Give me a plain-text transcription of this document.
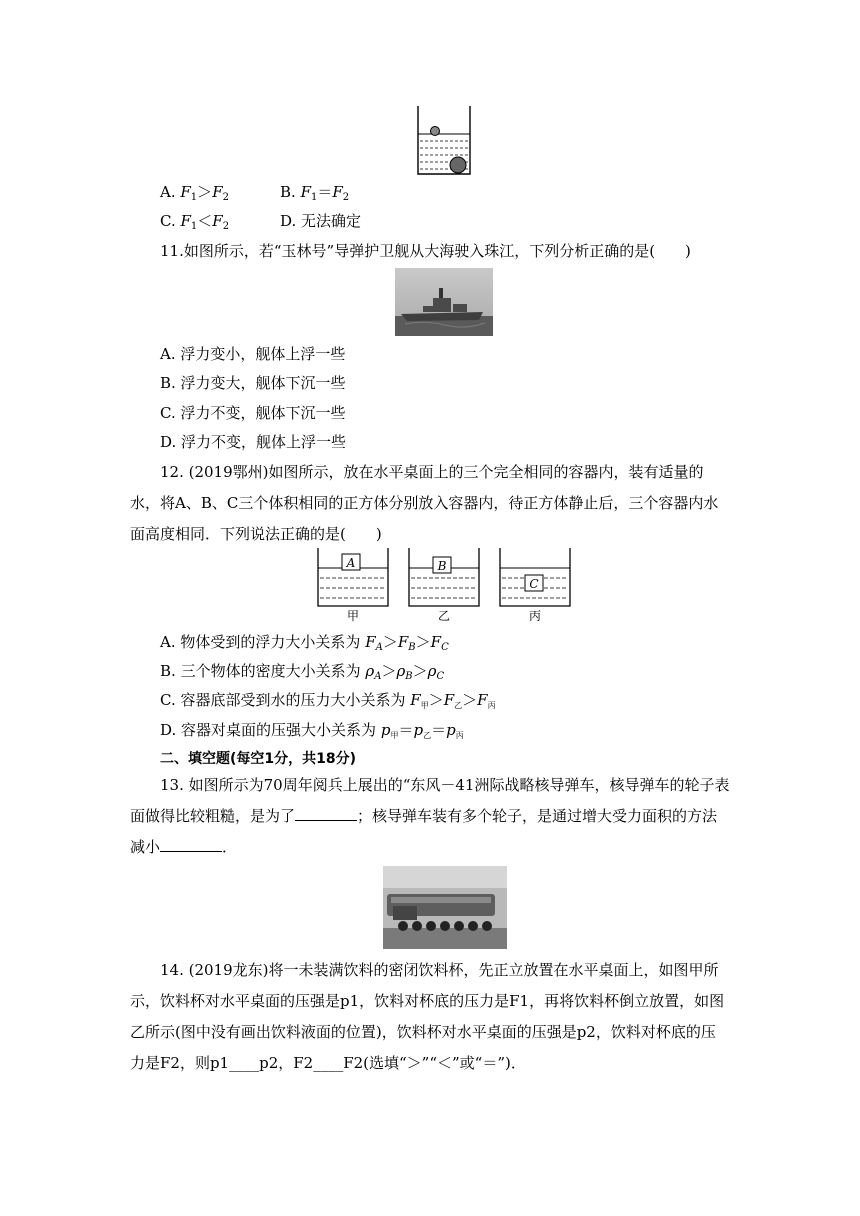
A. $F_1>F_2$	B. $F_1=F_2$
C. $F_1<F_2$	D. 无法确定
11.如图所示，若“玉林号”导弹护卫舰从大海驶入珠江，下列分析正确的是(　　)
A. 浮力变小，舰体上浮一些
B. 浮力变大，舰体下沉一些
C. 浮力不变，舰体下沉一些
D. 浮力不变，舰体上浮一些
12. (2019鄂州)如图所示，放在水平桌面上的三个完全相同的容器内，装有适量的水，将A、B、C三个体积相同的正方体分别放入容器内，待正方体静止后，三个容器内水面高度相同．下列说法正确的是(　　)
A	B
C
甲	乙	丙
A. 物体受到的浮力大小关系为 $F_A>F_B>F_C$
B. 三个物体的密度大小关系为 $\rho_A>\rho_B>\rho_C$
C. 容器底部受到水的压力大小关系为 $F_甲>F_乙>F_丙$
D. 容器对桌面的压强大小关系为 $p_甲=p_乙=p_丙$
二、填空题(每空1分，共18分)
13. 如图所示为70周年阅兵上展出的“东风－41洲际战略核导弹车，核导弹车的轮子表面做得比较粗糙，是为了	；核导弹车装有多个轮子，是通过增大受力面积的方法减小	．
14. (2019龙东)将一未装满饮料的密闭饮料杯，先正立放置在水平桌面上，如图甲所示，饮料杯对水平桌面的压强是p1，饮料对杯底的压力是F1，再将饮料杯倒立放置，如图乙所示(图中没有画出饮料液面的位置)，饮料杯对水平桌面的压强是p2，饮料对杯底的压力是F2，则p1____p2，F2____F2(选填“＞”“＜”或“＝”)．
